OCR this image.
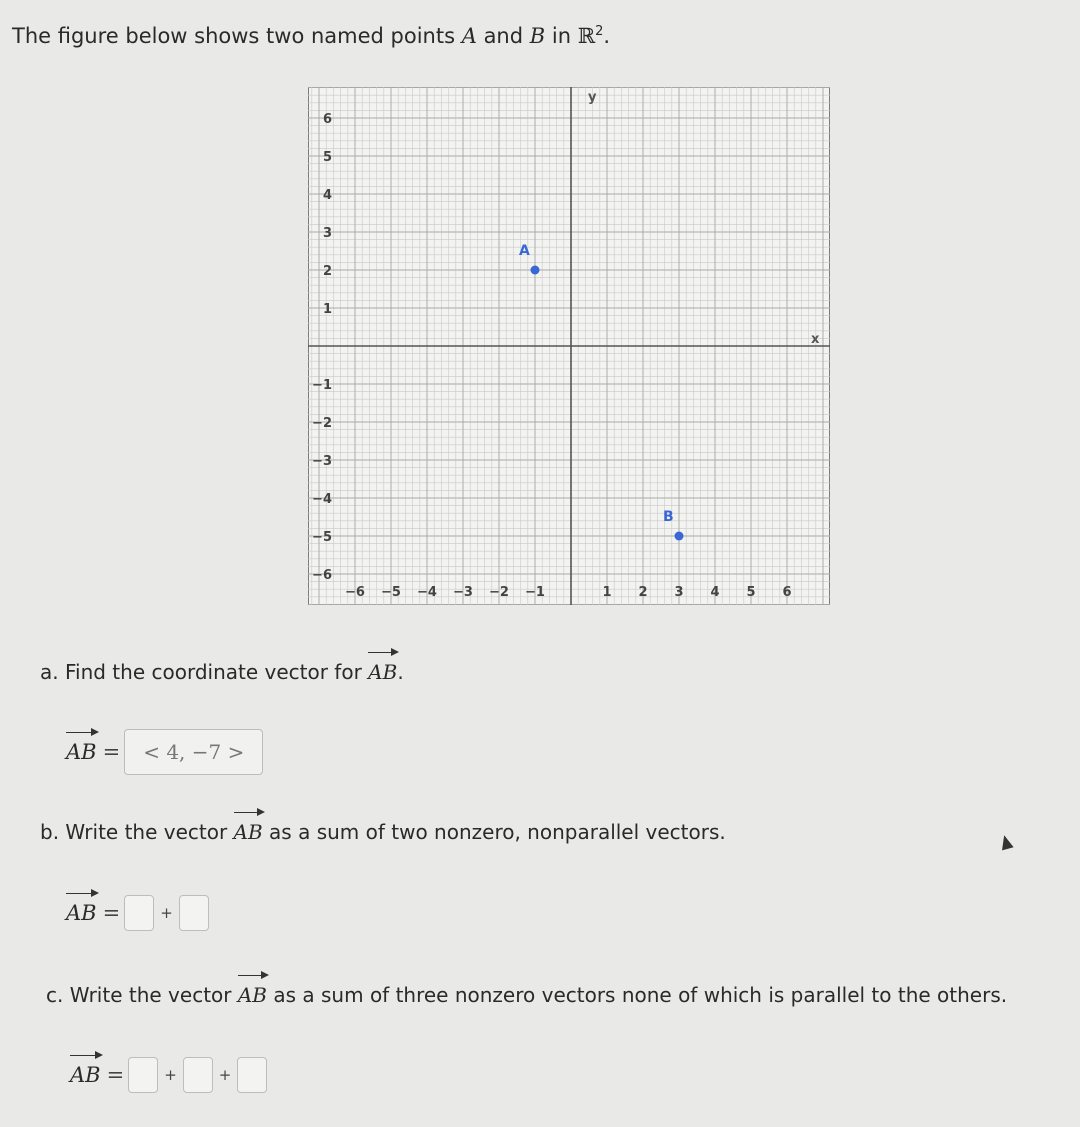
The figure below shows two named points A and B in ℝ$^2$.
y
x
−6 −5 −4 −3 −2 −1	1 2 3 4 5 6
6
5
4
3
2
1
−1
−2
−3
−4
−5
−6
A
B
a. Find the coordinate vector for AB.
AB =	< 4, −7 >
b. Write the vector AB as a sum of two nonzero, nonparallel vectors.
AB =	+
c. Write the vector AB as a sum of three nonzero vectors none of which is parallel to the others.
AB =	+	+
